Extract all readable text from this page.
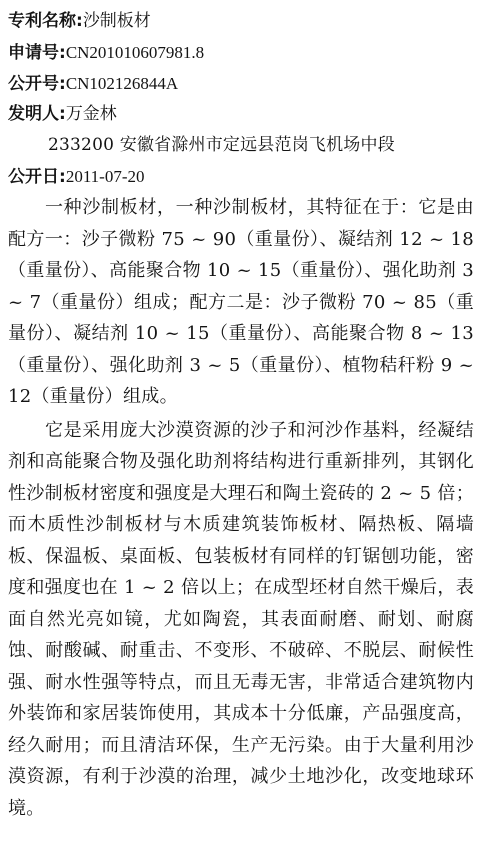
专利名称:沙制板材
申请号:CN201010607981.8
公开号:CN102126844A
发明人:万金林
233200 安徽省滁州市定远县范岗飞机场中段
公开日:2011-07-20

一种沙制板材，一种沙制板材，其特征在于：它是由配方一：沙子微粉 75 ~ 90（重量份）、凝结剂 12 ~ 18（重量份）、高能聚合物 10 ~ 15（重量份）、强化助剂 3 ~ 7（重量份）组成；配方二是：沙子微粉 70 ~ 85（重量份）、凝结剂 10 ~ 15（重量份）、高能聚合物 8 ~ 13（重量份）、强化助剂 3 ~ 5（重量份）、植物秸秆粉 9 ~ 12（重量份）组成。

它是采用庞大沙漠资源的沙子和河沙作基料，经凝结剂和高能聚合物及强化助剂将结构进行重新排列，其钢化性沙制板材密度和强度是大理石和陶土瓷砖的 2 ~ 5 倍；而木质性沙制板材与木质建筑装饰板材、隔热板、隔墙板、保温板、桌面板、包装板材有同样的钉锯刨功能，密度和强度也在 1 ~ 2 倍以上；在成型坯材自然干燥后，表面自然光亮如镜，尤如陶瓷，其表面耐磨、耐划、耐腐蚀、耐酸碱、耐重击、不变形、不破碎、不脱层、耐候性强、耐水性强等特点，而且无毒无害，非常适合建筑物内外装饰和家居装饰使用，其成本十分低廉，产品强度高，经久耐用；而且清洁环保，生产无污染。由于大量利用沙漠资源，有利于沙漠的治理，减少土地沙化，改变地球环境。
